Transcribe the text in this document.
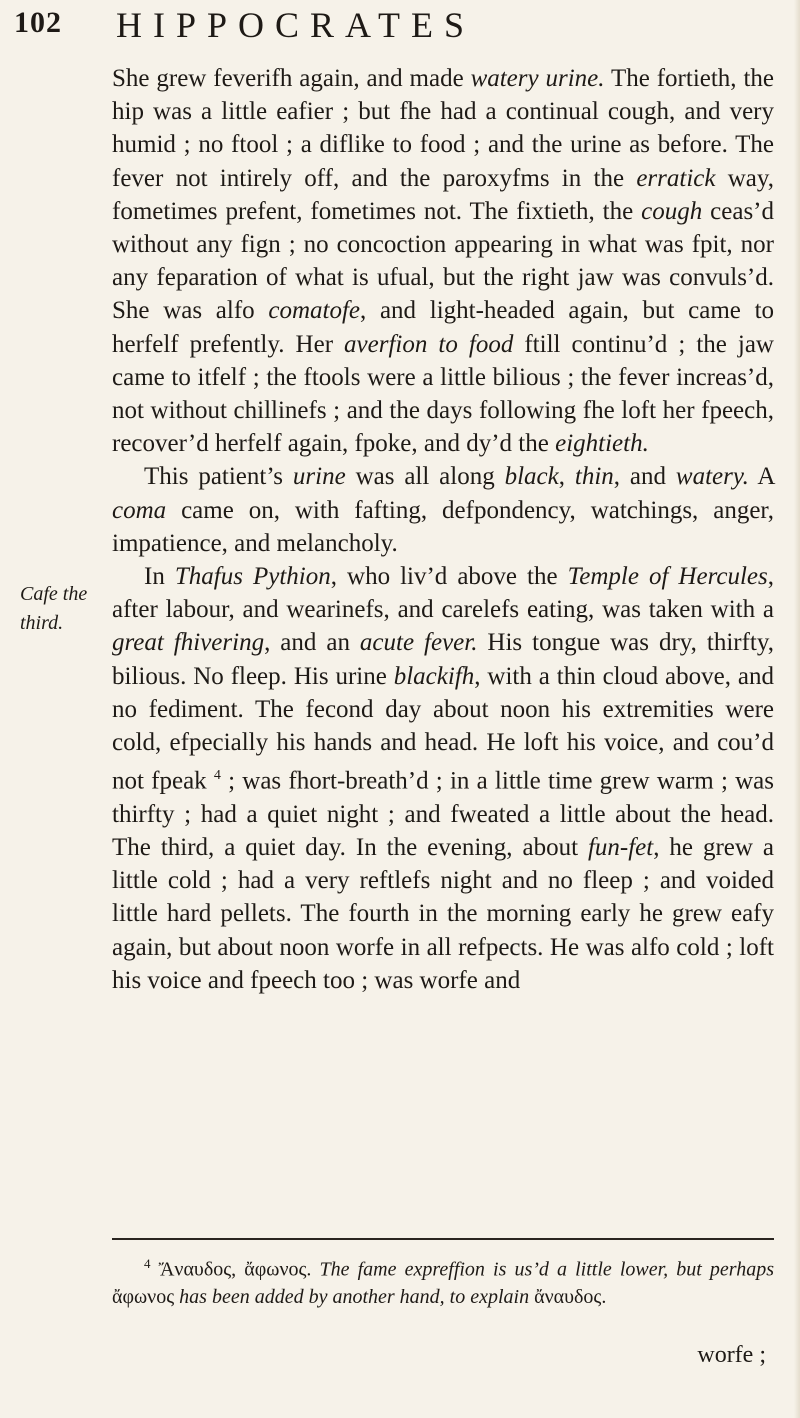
102 HIPPOCRATES
Cafe the
third.

She grew feverifh again, and made watery urine. The fortieth, the hip was a little eafier ; but fhe had a continual cough, and very humid ; no ftool ; a diflike to food ; and the urine as before. The fever not intirely off, and the paroxyfms in the erratick way, fometimes prefent, fometimes not. The fixtieth, the cough ceas’d without any fign ; no concoction appearing in what was fpit, nor any feparation of what is ufual, but the right jaw was convuls’d. She was alfo comatofe, and light-headed again, but came to herfelf prefently. Her averfion to food ftill continu’d ; the jaw came to itfelf ; the ftools were a little bilious ; the fever increas’d, not without chillinefs ; and the days following fhe loft her fpeech, recover’d herfelf again, fpoke, and dy’d the eightieth.

This patient’s urine was all along black, thin, and watery. A coma came on, with fafting, defpondency, watchings, anger, impatience, and melancholy.

In Thafus Pythion, who liv’d above the Temple of Hercules, after labour, and wearinefs, and carelefs eating, was taken with a great fhivering, and an acute fever. His tongue was dry, thirfty, bilious. No fleep. His urine blackifh, with a thin cloud above, and no fediment. The fecond day about noon his extremities were cold, efpecially his hands and head. He loft his voice, and cou’d not fpeak $^4$ ; was fhort-breath’d ; in a little time grew warm ; was thirfty ; had a quiet night ; and fweated a little about the head. The third, a quiet day. In the evening, about fun-fet, he grew a little cold ; had a very reftlefs night and no fleep ; and voided little hard pellets. The fourth in the morning early he grew eafy again, but about noon worfe in all refpects. He was alfo cold ; loft his voice and fpeech too ; was worfe and

$^4$ Ἄναυδος, ἄφωνος. The fame expreffion is us’d a little lower, but perhaps ἄφωνος has been added by another hand, to explain ἄναυδος.

worfe ;
